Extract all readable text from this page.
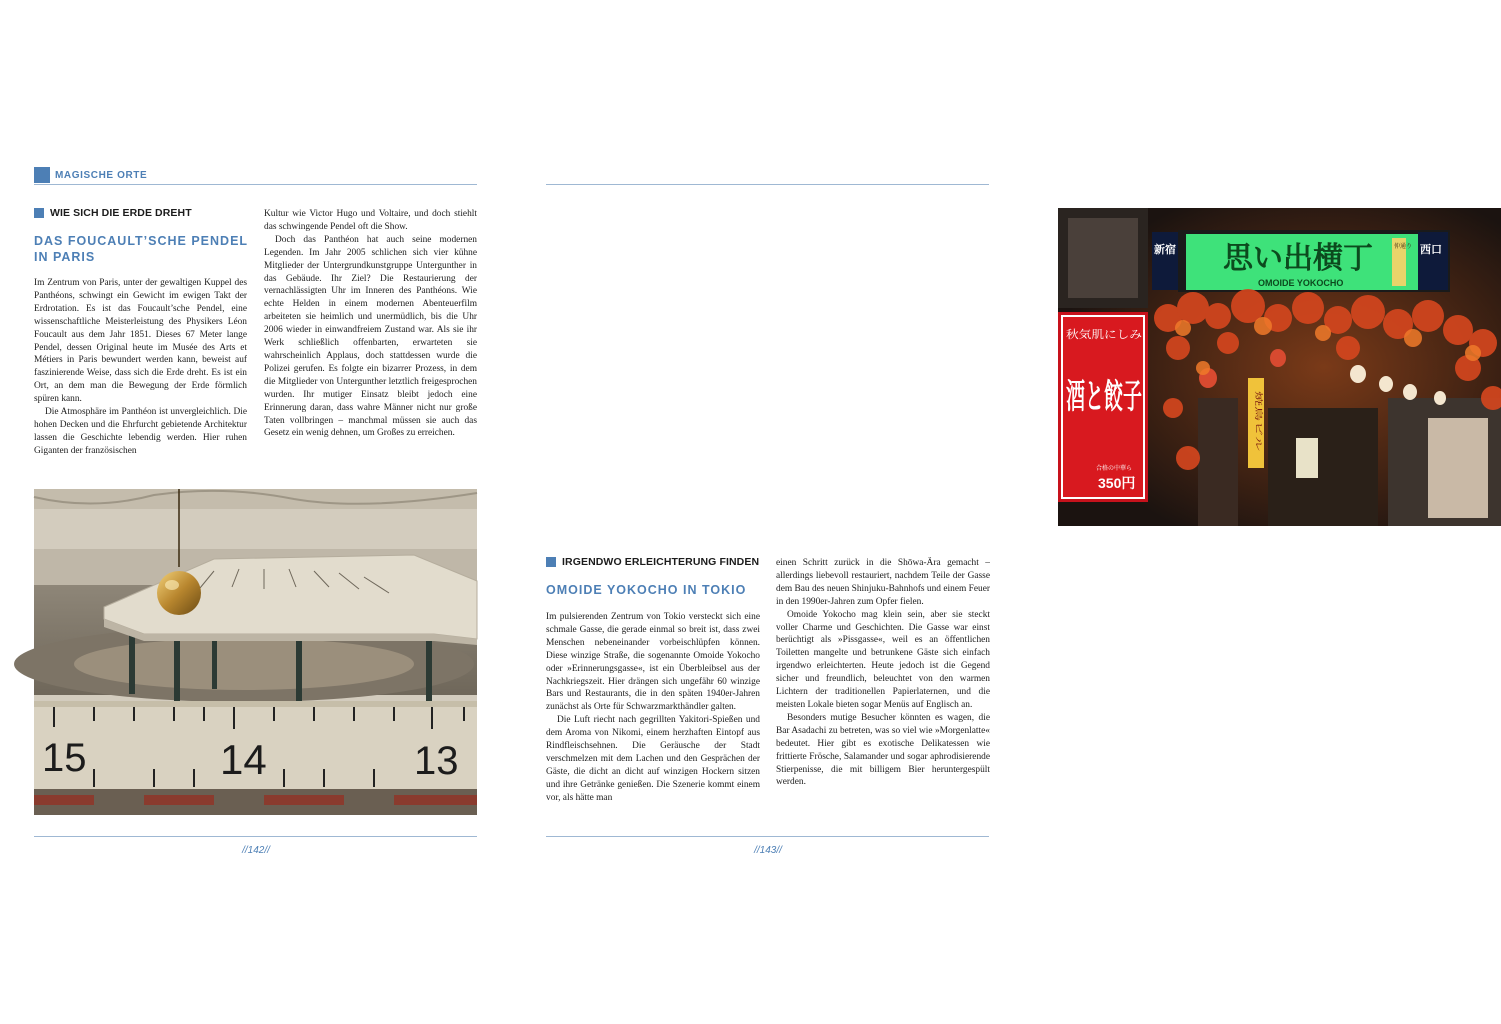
MAGISCHE ORTE
WIE SICH DIE ERDE DREHT
DAS FOUCAULT’SCHE PENDEL
IN PARIS

Im Zentrum von Paris, unter der gewaltigen Kuppel des Panthéons, schwingt ein Gewicht im ewigen Takt der Erdrotation. Es ist das Foucault’sche Pendel, eine wissenschaftliche Meisterleistung des Physikers Léon Foucault aus dem Jahr 1851. Dieses 67 Meter lange Pendel, dessen Original heute im Musée des Arts et Métiers in Paris bewundert werden kann, beweist auf faszinierende Weise, dass sich die Erde dreht. Es ist ein Ort, an dem man die Bewegung der Erde förmlich spüren kann.

Die Atmosphäre im Panthéon ist unvergleichlich. Die hohen Decken und die Ehrfurcht gebietende Architektur lassen die Geschichte lebendig werden. Hier ruhen Giganten der französischen

Kultur wie Victor Hugo und Voltaire, und doch stiehlt das schwingende Pendel oft die Show.

Doch das Panthéon hat auch seine modernen Legenden. Im Jahr 2005 schlichen sich vier kühne Mitglieder der Untergrundkunstgruppe Untergunther in das Gebäude. Ihr Ziel? Die Restaurierung der vernachlässigten Uhr im Inneren des Panthéons. Wie echte Helden in einem modernen Abenteuerfilm arbeiteten sie heimlich und unermüdlich, bis die Uhr 2006 wieder in einwandfreiem Zustand war. Als sie ihr Werk schließlich offenbarten, erwarteten sie wahrscheinlich Applaus, doch stattdessen wurde die Polizei gerufen. Es folgte ein bizarrer Prozess, in dem die Mitglieder von Untergunther letztlich freigesprochen wurden. Ihr mutiger Einsatz bleibt jedoch eine Erinnerung daran, dass wahre Männer nicht nur große Taten vollbringen – manchmal müssen sie auch das Gesetz ein wenig dehnen, um Großes zu erreichen.

15	14	13
//142//
思い出横丁
OMOIDE YOKOCHO
仲通り
新宿	西口
酒と餃子
秋気肌にしみ
合格の中華ら
350円
焼鳥ビル
IRGENDWO ERLEICHTERUNG FINDEN
OMOIDE YOKOCHO IN TOKIO

Im pulsierenden Zentrum von Tokio versteckt sich eine schmale Gasse, die gerade einmal so breit ist, dass zwei Menschen nebeneinander vorbeischlüpfen können. Diese winzige Straße, die sogenannte Omoide Yokocho oder »Erinnerungsgasse«, ist ein Überbleibsel aus der Nachkriegszeit. Hier drängen sich ungefähr 60 winzige Bars und Restaurants, die in den späten 1940er-Jahren zunächst als Orte für Schwarzmarkthändler galten.

Die Luft riecht nach gegrillten Yakitori-Spießen und dem Aroma von Nikomi, einem herzhaften Eintopf aus Rindfleischsehnen. Die Geräusche der Stadt verschmelzen mit dem Lachen und den Gesprächen der Gäste, die dicht an dicht auf winzigen Hockern sitzen und ihre Getränke genießen. Die Szenerie kommt einem vor, als hätte man

einen Schritt zurück in die Shōwa-Ära gemacht – allerdings liebevoll restauriert, nachdem Teile der Gasse dem Bau des neuen Shinjuku-Bahnhofs und einem Feuer in den 1990er-Jahren zum Opfer fielen.

Omoide Yokocho mag klein sein, aber sie steckt voller Charme und Geschichten. Die Gasse war einst berüchtigt als »Pissgasse«, weil es an öffentlichen Toiletten mangelte und betrunkene Gäste sich einfach irgendwo erleichterten. Heute jedoch ist die Gegend sicher und freundlich, beleuchtet von den warmen Lichtern der traditionellen Papierlaternen, und die meisten Lokale bieten sogar Menüs auf Englisch an.

Besonders mutige Besucher könnten es wagen, die Bar Asadachi zu betreten, was so viel wie »Morgenlatte« bedeutet. Hier gibt es exotische Delikatessen wie frittierte Frösche, Salamander und sogar aphrodisierende Stierpenisse, die mit billigem Bier heruntergespült werden.

//143//
